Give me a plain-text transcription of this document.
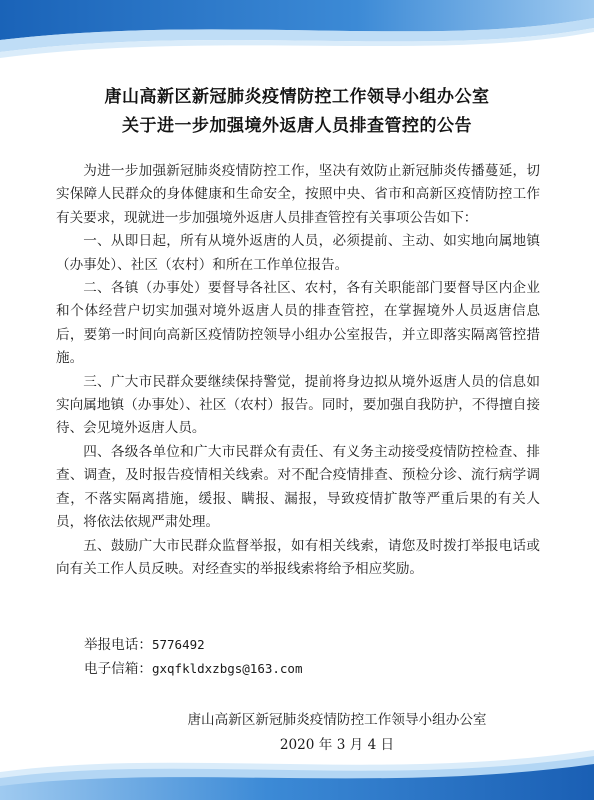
唐山高新区新冠肺炎疫情防控工作领导小组办公室
关于进一步加强境外返唐人员排查管控的公告

为进一步加强新冠肺炎疫情防控工作，坚决有效防止新冠肺炎传播蔓延，切实保障人民群众的身体健康和生命安全，按照中央、省市和高新区疫情防控工作有关要求，现就进一步加强境外返唐人员排查管控有关事项公告如下：

一、从即日起，所有从境外返唐的人员，必须提前、主动、如实地向属地镇（办事处）、社区（农村）和所在工作单位报告。

二、各镇（办事处）要督导各社区、农村，各有关职能部门要督导区内企业和个体经营户切实加强对境外返唐人员的排查管控，在掌握境外人员返唐信息后，要第一时间向高新区疫情防控领导小组办公室报告，并立即落实隔离管控措施。

三、广大市民群众要继续保持警觉，提前将身边拟从境外返唐人员的信息如实向属地镇（办事处）、社区（农村）报告。同时，要加强自我防护，不得擅自接待、会见境外返唐人员。

四、各级各单位和广大市民群众有责任、有义务主动接受疫情防控检查、排查、调查，及时报告疫情相关线索。对不配合疫情排查、预检分诊、流行病学调查，不落实隔离措施，缓报、瞒报、漏报，导致疫情扩散等严重后果的有关人员，将依法依规严肃处理。

五、鼓励广大市民群众监督举报，如有相关线索，请您及时拨打举报电话或向有关工作人员反映。对经查实的举报线索将给予相应奖励。

举报电话：5776492
电子信箱：gxqfkldxzbgs@163.com
唐山高新区新冠肺炎疫情防控工作领导小组办公室
2020 年 3 月 4 日
